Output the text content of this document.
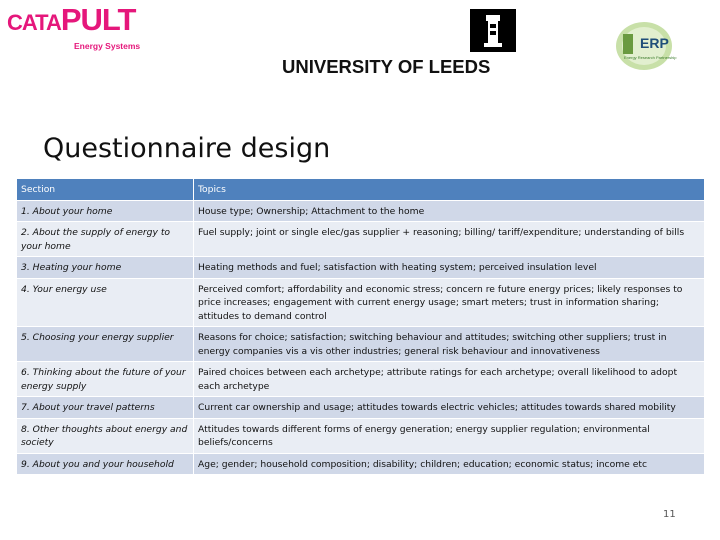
CATAPULT
Energy Systems
UNIVERSITY OF LEEDS
ERP
Energy Research Partnership
Questionnaire design
Section	Topics
1. About your home	House type; Ownership; Attachment to the home
2. About the supply of energy to your home	Fuel supply; joint or single elec/gas supplier + reasoning; billing/ tariff/expenditure; understanding of bills
3. Heating your home	Heating methods and fuel; satisfaction with heating system; perceived insulation level
4. Your energy use	Perceived comfort; affordability and economic stress; concern re future energy prices; likely responses to price increases; engagement with current energy usage; smart meters; trust in information sharing; attitudes to demand control
5. Choosing your energy supplier	Reasons for choice; satisfaction; switching behaviour and attitudes; switching other suppliers; trust in energy companies vis a vis other industries; general risk behaviour and innovativeness
6. Thinking about the future of your energy supply	Paired choices between each archetype; attribute ratings for each archetype; overall likelihood to adopt each archetype
7. About your travel patterns	Current car ownership and usage; attitudes towards electric vehicles; attitudes towards shared mobility
8. Other thoughts about energy and society	Attitudes towards different forms of energy generation; energy supplier regulation; environmental beliefs/concerns
9. About you and your household	Age; gender; household composition; disability; children; education; economic status; income etc
11
